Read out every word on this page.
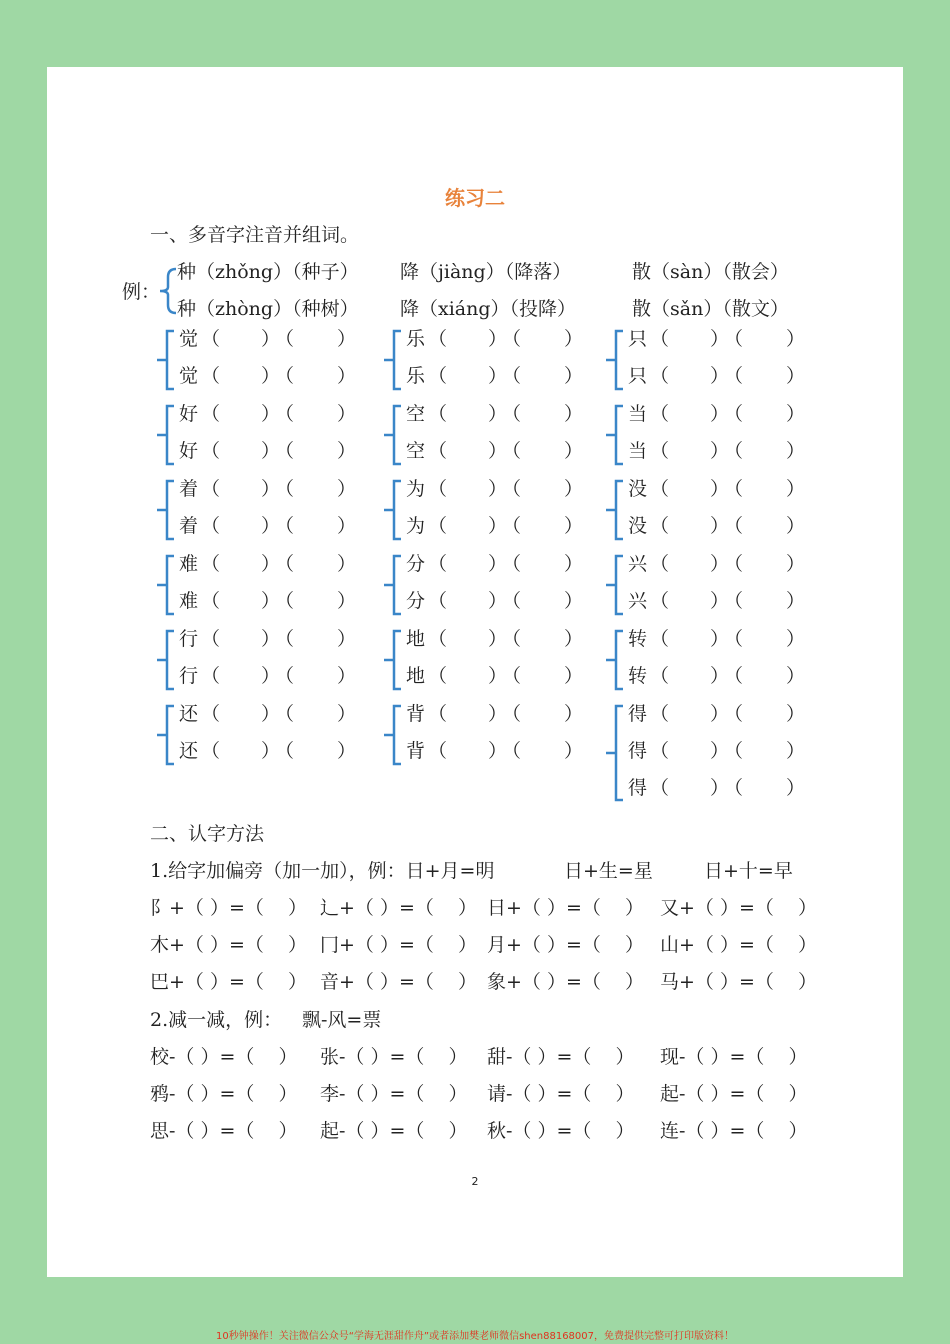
练习二
一、多音字注音并组词。
例：
种（zhǒng）（种子）
种（zhòng）（种树）
降（jiàng）（降落）
降（xiáng）（投降）
散（sàn）（散会）
散（sǎn）（散文）
觉 （ ）
（ ）
觉 （ ）
（ ）
乐 （ ）
（ ）
乐 （ ）
（ ）
只 （ ）
（ ）
只 （ ）
（ ）
好 （ ）
（ ）
好 （ ）
（ ）
空 （ ）
（ ）
空 （ ）
（ ）
当 （ ）
（ ）
当 （ ）
（ ）
着 （ ）
（ ）
着 （ ）
（ ）
为 （ ）
（ ）
为 （ ）
（ ）
没 （ ）
（ ）
没 （ ）
（ ）
难 （ ）
（ ）
难 （ ）
（ ）
分 （ ）
（ ）
分 （ ）
（ ）
兴 （ ）
（ ）
兴 （ ）
（ ）
行 （ ）
（ ）
行 （ ）
（ ）
地 （ ）
（ ）
地 （ ）
（ ）
转 （ ）
（ ）
转 （ ）
（ ）
还 （ ）
（ ）
还 （ ）
（ ）
背 （ ）
（ ）
背 （ ）
（ ）
得 （ ）
（ ）
得 （ ）
（ ）
得 （ ）
（ ）
二、认字方法
1.给字加偏旁（加一加），例：日+月=明	日+生=星	日+十=早
阝+（ ）=（    ） 辶+（ ）=（    ） 日+（ ）=（    ） 又+（ ）=（    ）
木+（ ）=（    ） 冂+（ ）=（    ） 月+（ ）=（    ） 山+（ ）=（    ）
巴+（ ）=（    ） 音+（ ）=（    ） 象+（ ）=（    ） 马+（ ）=（    ）
2.减一减，例： 飘-风=票
校-（ ）=（    ） 张-（ ）=（    ） 甜-（ ）=（    ） 现-（ ）=（    ）
鸦-（ ）=（    ） 李-（ ）=（    ） 请-（ ）=（    ） 起-（ ）=（    ）
思-（ ）=（    ） 起-（ ）=（    ） 秋-（ ）=（    ） 连-（ ）=（    ）
2
10秒钟操作！关注微信公众号“学海无涯甜作舟”或者添加樊老师微信shen88168007，免费提供完整可打印版资料！
